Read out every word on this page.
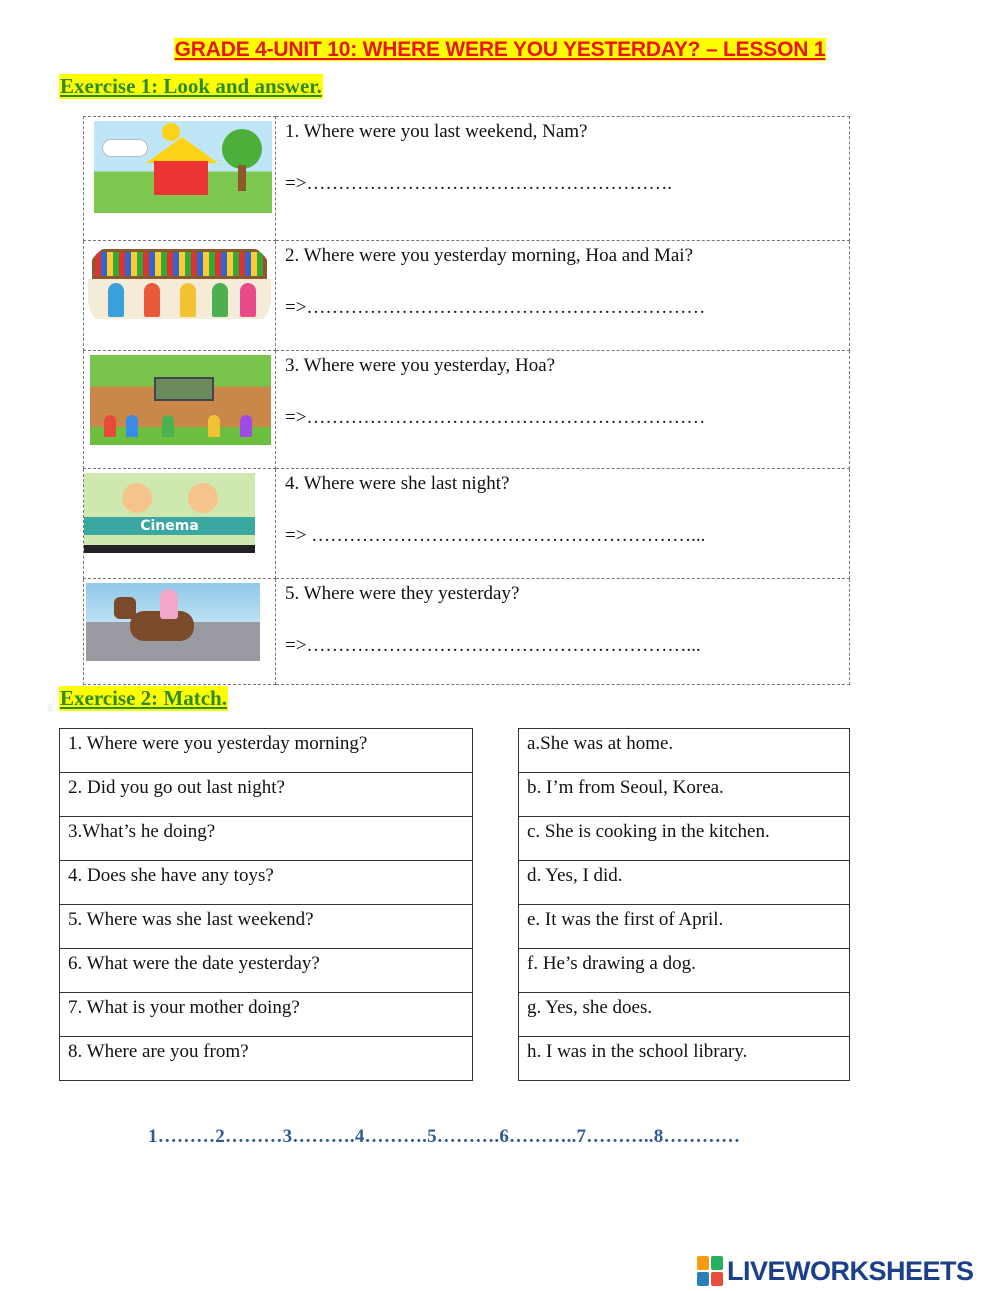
GRADE 4-UNIT 10: WHERE WERE YOU YESTERDAY? – LESSON 1
Exercise 1: Look and answer.
	1. Where were you last weekend, Nam?
=>………………………………………………….

	2. Where were you yesterday morning, Hoa and Mai?
=>………………………………………………………

	3. Where were you yesterday, Hoa?
=>………………………………………………………

Cinema	4. Where were she last night?
=> ……………………………………………………...

	5. Where were they yesterday?
=>……………………………………………………...
Exercise 2: Match.
1. Where were you yesterday morning?
2. Did you go out last night?
3.What’s he doing?
4. Does she have any toys?
5. Where was she last weekend?
6. What were the date yesterday?
7. What is your mother doing?
8. Where are you from?
a.She was at home.
b. I’m from Seoul, Korea.
c. She is cooking in the kitchen.
d. Yes, I did.
e. It was the first of April.
f. He’s drawing a dog.
g. Yes, she does.
h. I was in the school library.
1………2………3……….4……….5……….6………..7………..8…………
LIVEWORKSHEETS
